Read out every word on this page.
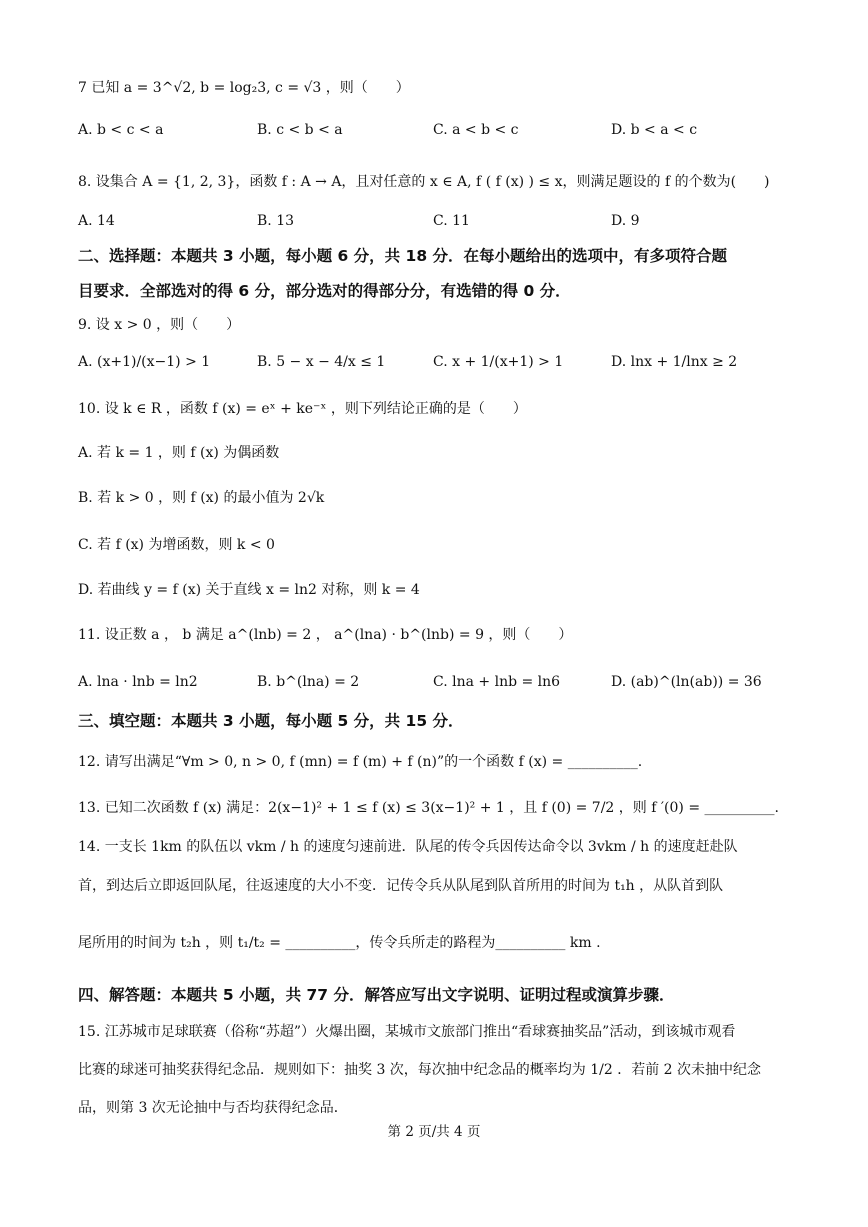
7 已知 a = 3^√2, b = log₂3, c = √3 ，则（　　）
A. b < c < a	B. c < b < a	C. a < b < c	D. b < a < c
8. 设集合 A = {1, 2, 3}，函数 f : A → A，且对任意的 x ∈ A, f ( f (x) ) ≤ x，则满足题设的 f 的个数为(　　)
A. 14	B. 13	C. 11	D. 9
二、选择题：本题共 3 小题，每小题 6 分，共 18 分．在每小题给出的选项中，有多项符合题
目要求．全部选对的得 6 分，部分选对的得部分分，有选错的得 0 分．
9. 设 x > 0 ，则（　　）
A. (x+1)/(x−1) > 1	B. 5 − x − 4/x ≤ 1	C. x + 1/(x+1) > 1	D. lnx + 1/lnx ≥ 2
10. 设 k ∈ R ，函数 f (x) = eˣ + ke⁻ˣ ，则下列结论正确的是（　　）
A. 若 k = 1 ，则 f (x) 为偶函数
B. 若 k > 0 ，则 f (x) 的最小值为 2√k
C. 若 f (x) 为增函数，则 k < 0
D. 若曲线 y = f (x) 关于直线 x = ln2 对称，则 k = 4
11. 设正数 a ， b 满足 a^(lnb) = 2 ， a^(lna) · b^(lnb) = 9 ，则（　　）
A. lna · lnb = ln2	B. b^(lna) = 2	C. lna + lnb = ln6	D. (ab)^(ln(ab)) = 36
三、填空题：本题共 3 小题，每小题 5 分，共 15 分．
12. 请写出满足“∀m > 0, n > 0, f (mn) = f (m) + f (n)”的一个函数 f (x) = __________.
13. 已知二次函数 f (x) 满足：2(x−1)² + 1 ≤ f (x) ≤ 3(x−1)² + 1 ，且 f (0) = 7/2 ，则 f ′(0) = __________.
14. 一支长 1km 的队伍以 vkm / h 的速度匀速前进．队尾的传令兵因传达命令以 3vkm / h 的速度赶赴队
首，到达后立即返回队尾，往返速度的大小不变．记传令兵从队尾到队首所用的时间为 t₁h ，从队首到队
尾所用的时间为 t₂h ，则 t₁/t₂ = __________，传令兵所走的路程为__________ km .
四、解答题：本题共 5 小题，共 77 分．解答应写出文字说明、证明过程或演算步骤．
15. 江苏城市足球联赛（俗称“苏超”）火爆出圈，某城市文旅部门推出“看球赛抽奖品”活动，到该城市观看
比赛的球迷可抽奖获得纪念品．规则如下：抽奖 3 次，每次抽中纪念品的概率均为 1/2 ．若前 2 次未抽中纪念
品，则第 3 次无论抽中与否均获得纪念品．
第 2 页/共 4 页
